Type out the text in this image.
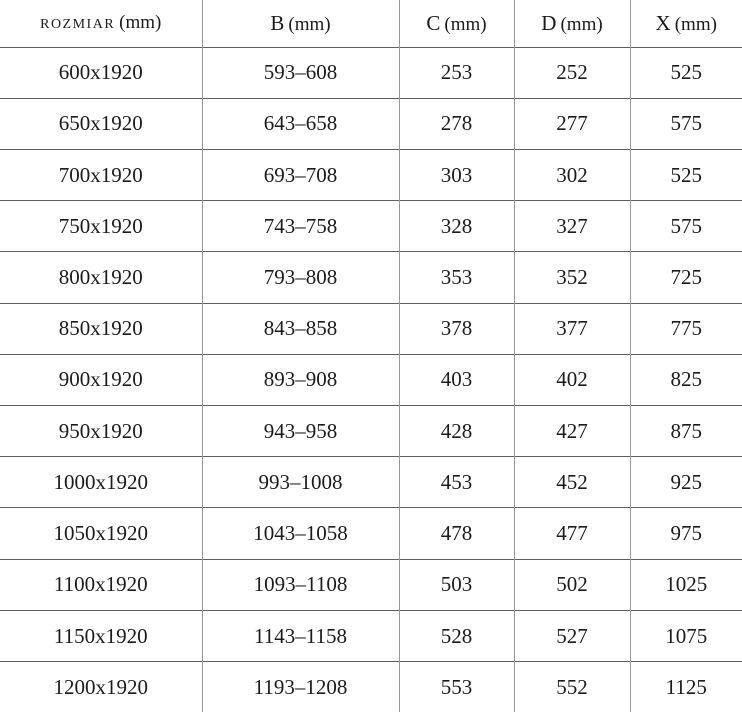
ROZMIAR (mm)	B (mm)	C (mm)	D (mm)	X (mm)
600x1920	593–608	253	252	525
650x1920	643–658	278	277	575
700x1920	693–708	303	302	525
750x1920	743–758	328	327	575
800x1920	793–808	353	352	725
850x1920	843–858	378	377	775
900x1920	893–908	403	402	825
950x1920	943–958	428	427	875
1000x1920	993–1008	453	452	925
1050x1920	1043–1058	478	477	975
1100x1920	1093–1108	503	502	1025
1150x1920	1143–1158	528	527	1075
1200x1920	1193–1208	553	552	1125
